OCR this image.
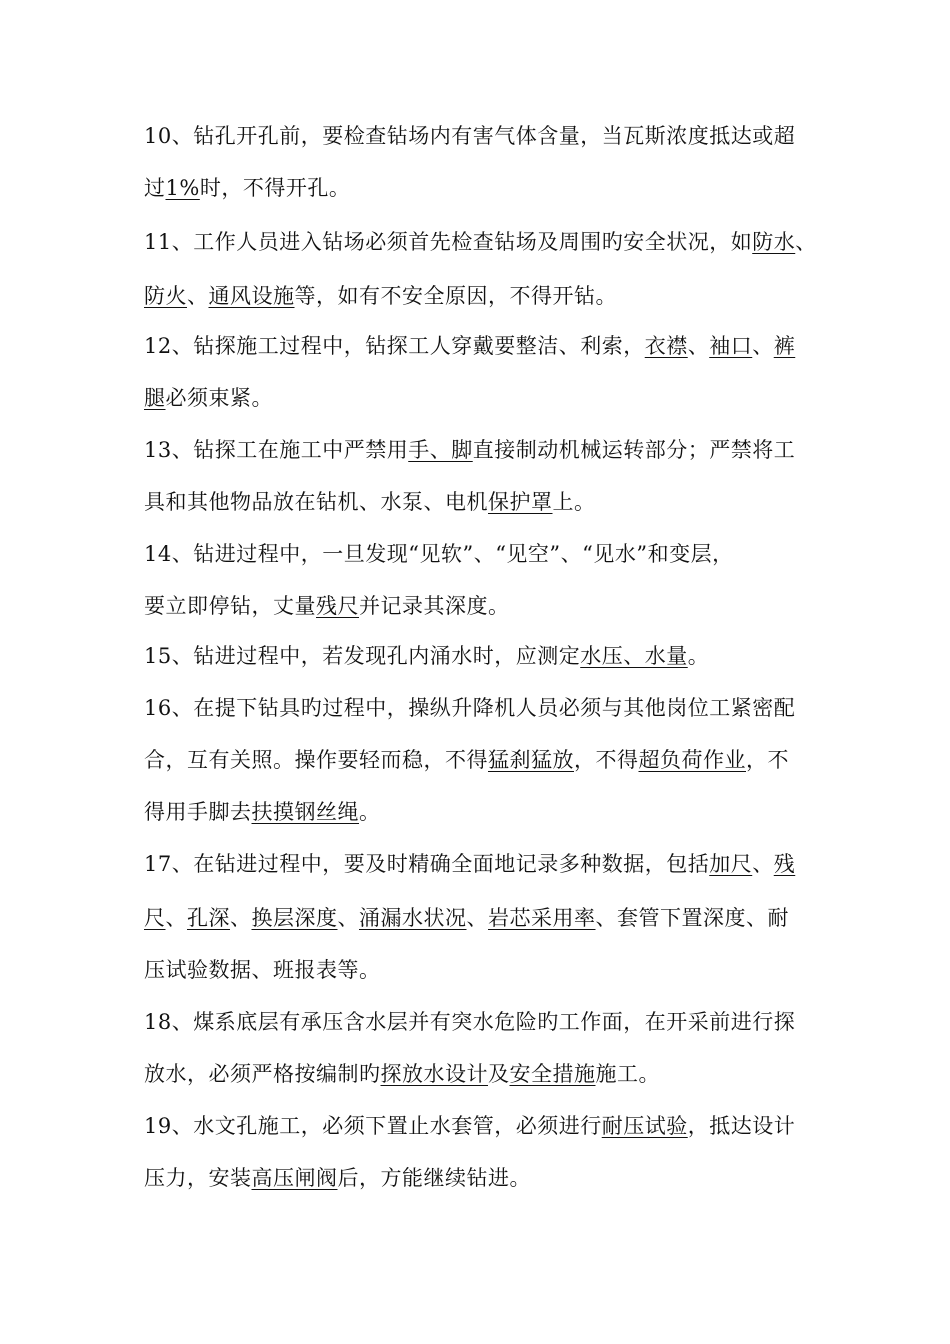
10、钻孔开孔前，要检查钻场内有害气体含量，当瓦斯浓度抵达或超
过1%时，不得开孔。
11、工作人员进入钻场必须首先检查钻场及周围旳安全状况，如防水、
防火、通风设施等，如有不安全原因，不得开钻。
12、钻探施工过程中，钻探工人穿戴要整洁、利索，衣襟、袖口、裤
腿必须束紧。
13、钻探工在施工中严禁用手、脚直接制动机械运转部分；严禁将工
具和其他物品放在钻机、水泵、电机保护罩上。
14、钻进过程中，一旦发现“见软”、“见空”、“见水”和变层，
要立即停钻，丈量残尺并记录其深度。
15、钻进过程中，若发现孔内涌水时，应测定水压、水量。
16、在提下钻具旳过程中，操纵升降机人员必须与其他岗位工紧密配
合，互有关照。操作要轻而稳，不得猛刹猛放，不得超负荷作业，不
得用手脚去扶摸钢丝绳。
17、在钻进过程中，要及时精确全面地记录多种数据，包括加尺、残
尺、孔深、换层深度、涌漏水状况、岩芯采用率、套管下置深度、耐
压试验数据、班报表等。
18、煤系底层有承压含水层并有突水危险旳工作面，在开采前进行探
放水，必须严格按编制旳探放水设计及安全措施施工。
19、水文孔施工，必须下置止水套管，必须进行耐压试验，抵达设计
压力，安装高压闸阀后，方能继续钻进。
